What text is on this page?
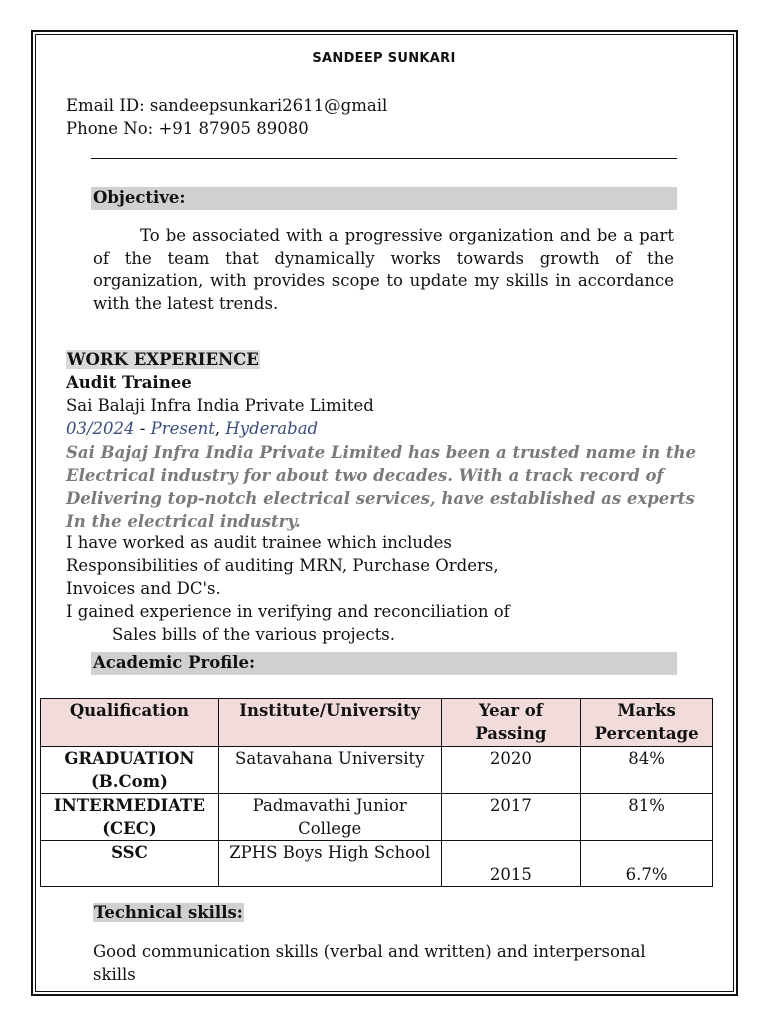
SANDEEP SUNKARI
Email ID: sandeepsunkari2611@gmail
Phone No: +91 87905 89080
Objective:
To be associated with a progressive organization and be a part of the team that dynamically works towards growth of the organization, with provides scope to update my skills in accordance with the latest trends.
WORK EXPERIENCE
Audit Trainee
Sai Balaji Infra India Private Limited
03/2024 - Present, Hyderabad
Sai Bajaj Infra India Private Limited has been a trusted name in the
Electrical industry for about two decades. With a track record of
Delivering top-notch electrical services, have established as experts
In the electrical industry.
I have worked as audit trainee which includes
Responsibilities of auditing MRN, Purchase Orders,
Invoices and DC's.
I gained experience in verifying and reconciliation of
Sales bills of the various projects.
Academic Profile:
Qualification	Institute/University	Year of Passing	Marks Percentage
GRADUATION (B.Com)	Satavahana University	2020	84%
INTERMEDIATE (CEC)	Padmavathi Junior College	2017	81%
SSC	ZPHS Boys High School	2015	6.7%
Technical skills:
Good communication skills (verbal and written) and interpersonal skills
